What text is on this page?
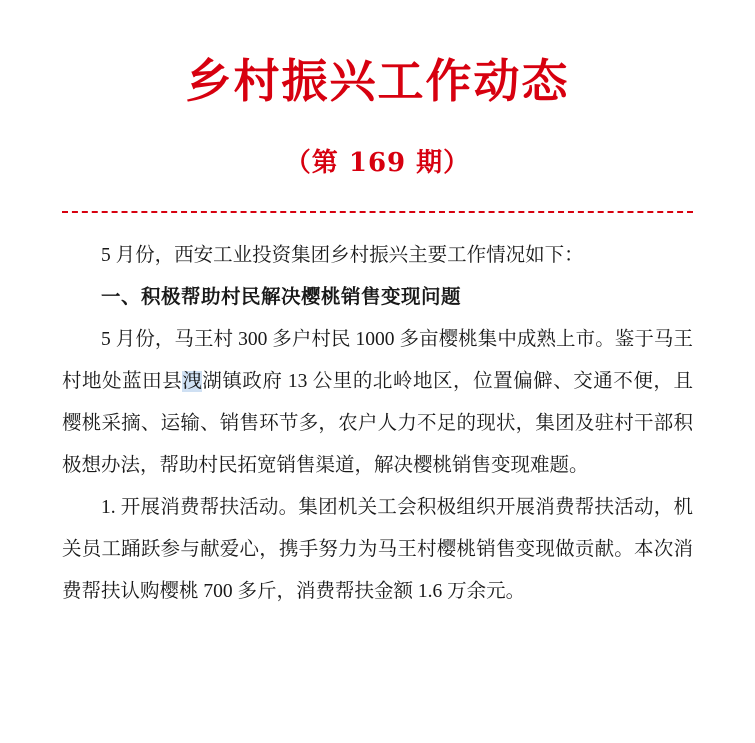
乡村振兴工作动态
（第 169 期）

5 月份，西安工业投资集团乡村振兴主要工作情况如下：

一、积极帮助村民解决樱桃销售变现问题

5 月份，马王村 300 多户村民 1000 多亩樱桃集中成熟上市。鉴于马王村地处蓝田县洩湖镇政府 13 公里的北岭地区，位置偏僻、交通不便，且樱桃采摘、运输、销售环节多，农户人力不足的现状，集团及驻村干部积极想办法，帮助村民拓宽销售渠道，解决樱桃销售变现难题。

1. 开展消费帮扶活动。集团机关工会积极组织开展消费帮扶活动，机关员工踊跃参与献爱心，携手努力为马王村樱桃销售变现做贡献。本次消费帮扶认购樱桃 700 多斤，消费帮扶金额 1.6 万余元。
